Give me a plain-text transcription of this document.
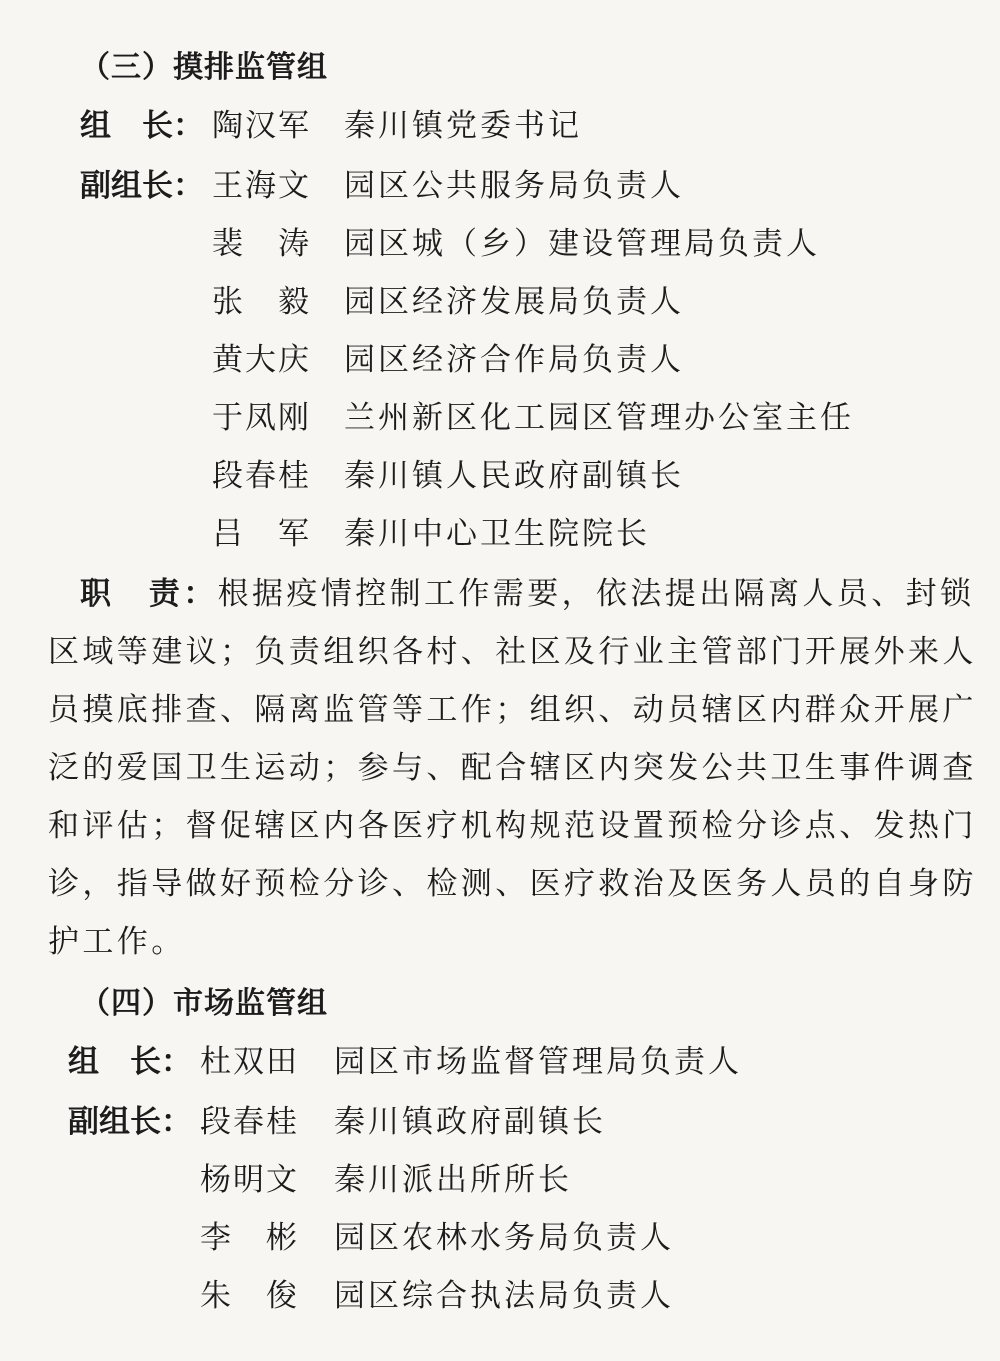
（三）摸排监管组
组　长： 陶汉军 秦川镇党委书记
副组长： 王海文 园区公共服务局负责人
裴　涛 园区城（乡）建设管理局负责人
张　毅 园区经济发展局负责人
黄大庆 园区经济合作局负责人
于凤刚 兰州新区化工园区管理办公室主任
段春桂 秦川镇人民政府副镇长
吕　军 秦川中心卫生院院长
职　责：根据疫情控制工作需要，依法提出隔离人员、封锁
区域等建议；负责组织各村、社区及行业主管部门开展外来人
员摸底排查、隔离监管等工作；组织、动员辖区内群众开展广
泛的爱国卫生运动；参与、配合辖区内突发公共卫生事件调查
和评估；督促辖区内各医疗机构规范设置预检分诊点、发热门
诊，指导做好预检分诊、检测、医疗救治及医务人员的自身防
护工作。
（四）市场监管组
组　长： 杜双田 园区市场监督管理局负责人
副组长： 段春桂 秦川镇政府副镇长
杨明文 秦川派出所所长
李　彬 园区农林水务局负责人
朱　俊 园区综合执法局负责人
